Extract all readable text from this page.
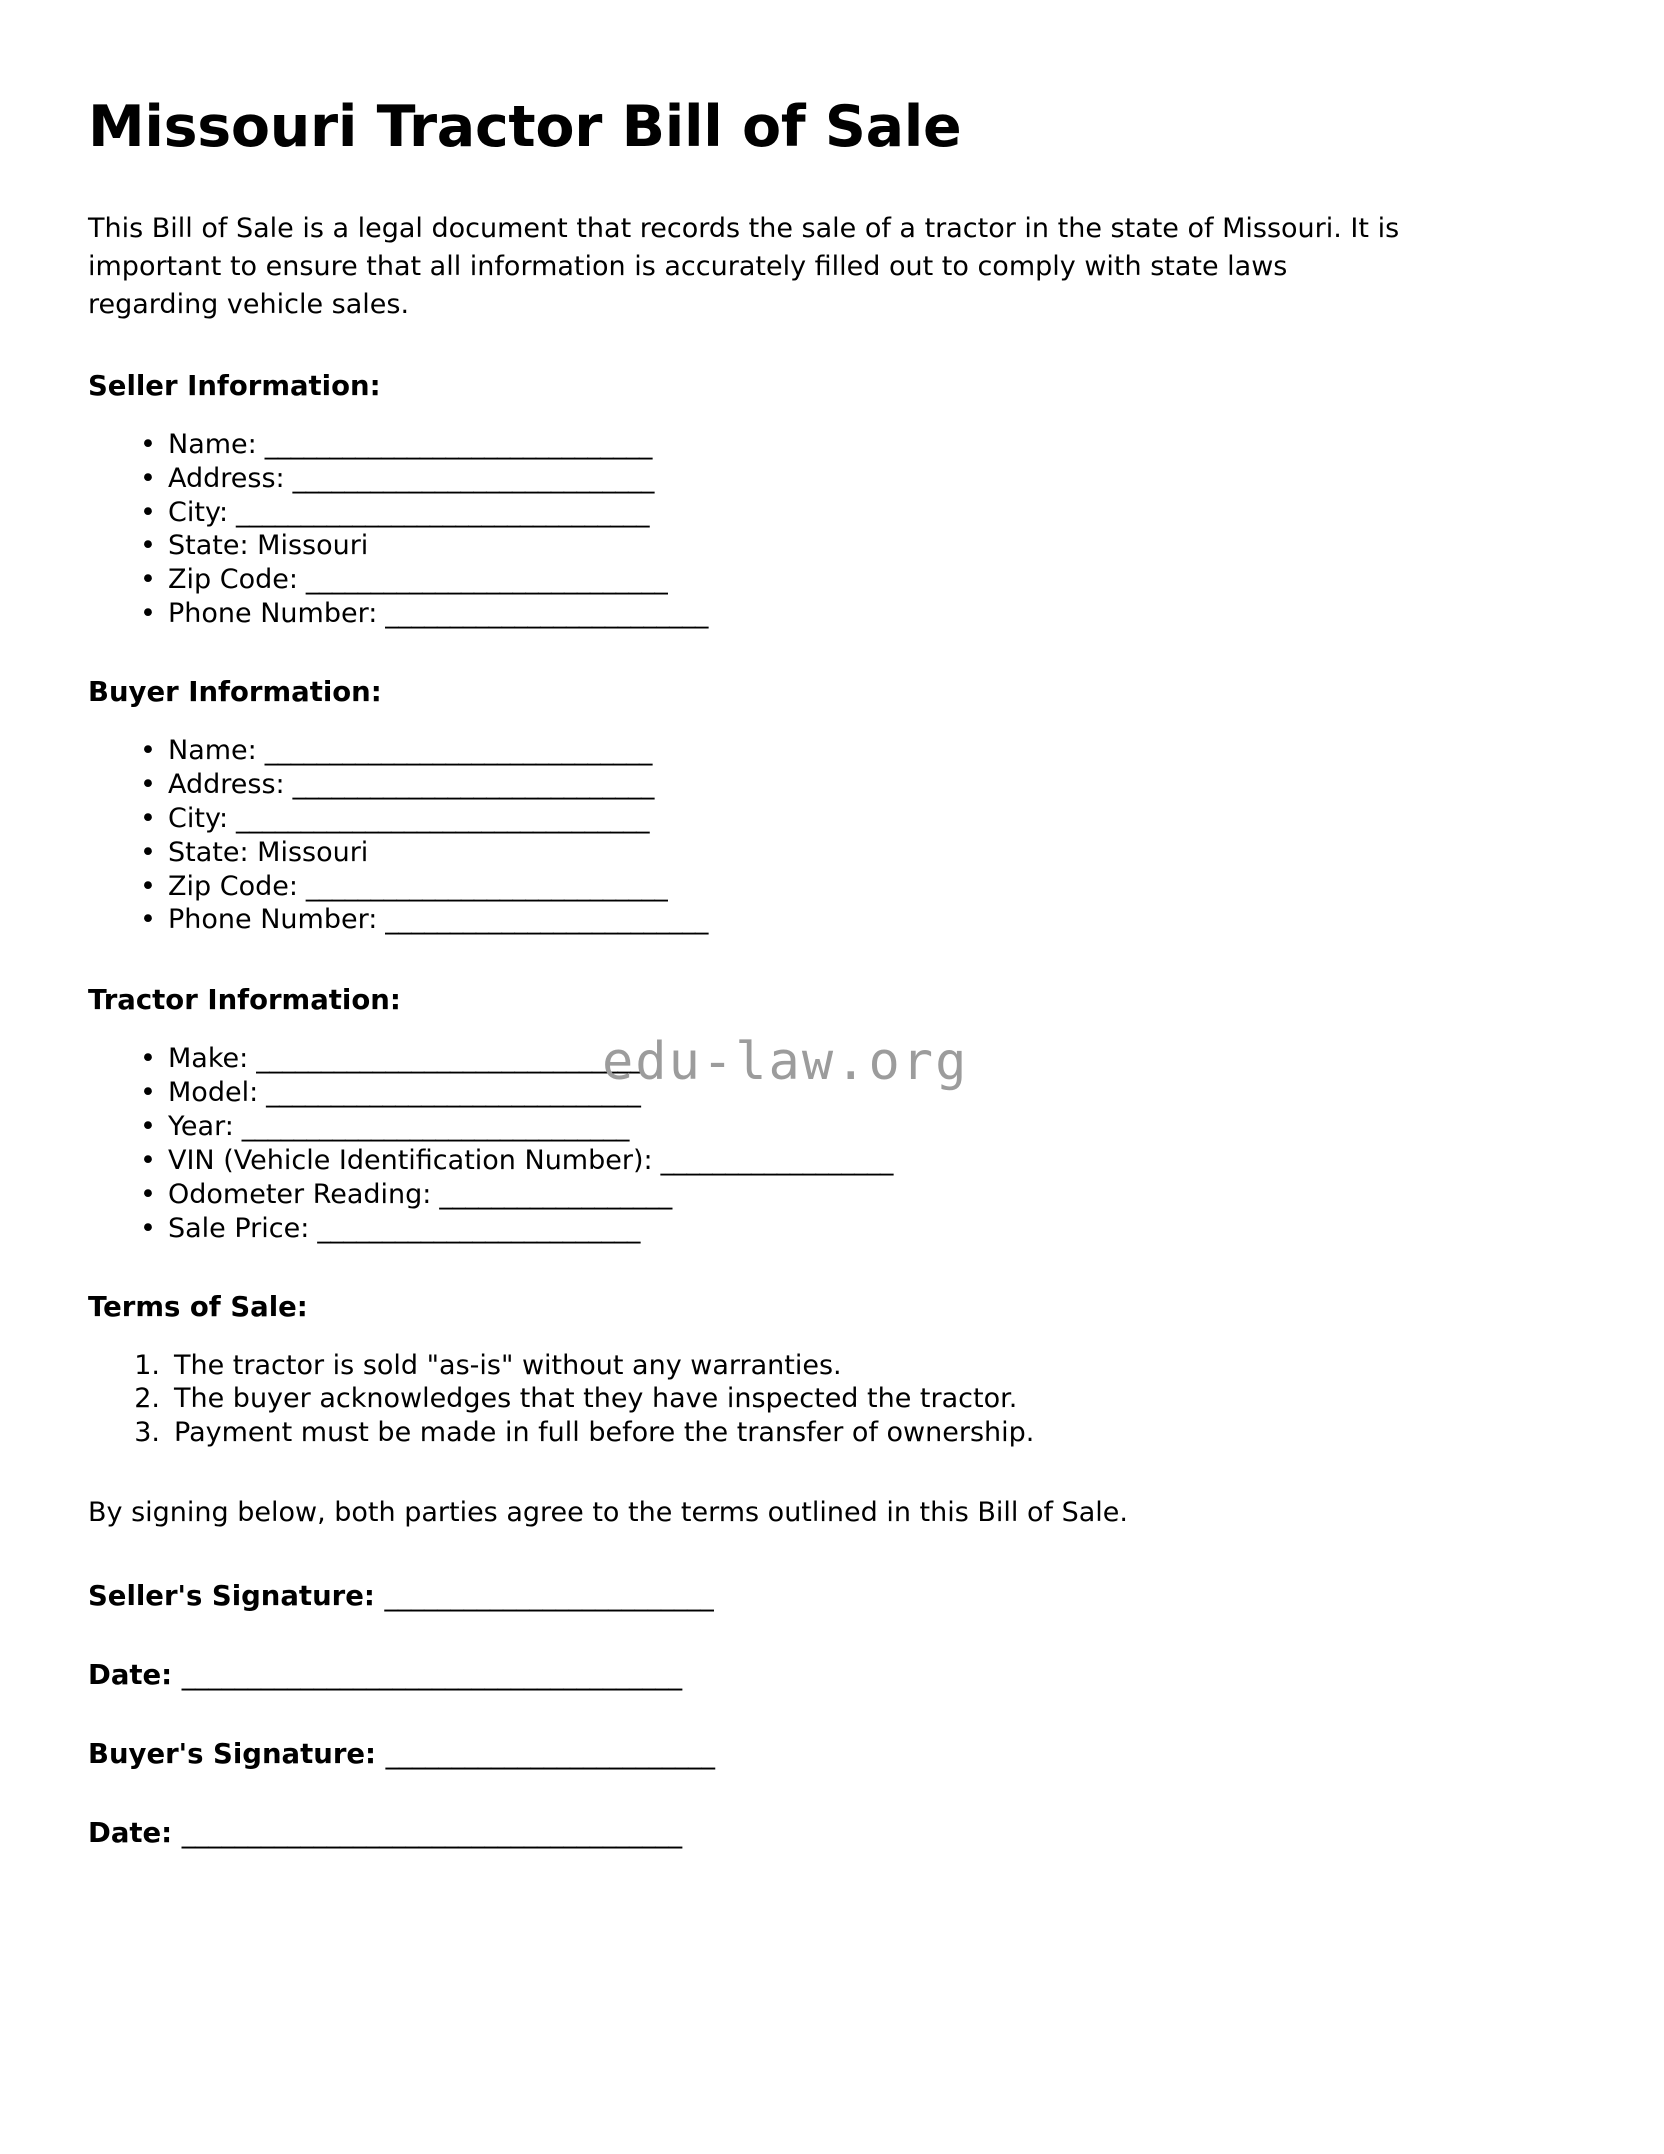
Missouri Tractor Bill of Sale

This Bill of Sale is a legal document that records the sale of a tractor in the state of Missouri. It is important to ensure that all information is accurately filled out to comply with state laws regarding vehicle sales.

Seller Information:
• Name: ______________________________
• Address: ____________________________
• City: ________________________________
• State: Missouri
• Zip Code: ____________________________
• Phone Number: _________________________
Buyer Information:
• Name: ______________________________
• Address: ____________________________
• City: ________________________________
• State: Missouri
• Zip Code: ____________________________
• Phone Number: _________________________
Tractor Information:
• Make: ______________________________
• Model: _____________________________
• Year: ______________________________
• VIN (Vehicle Identification Number): __________________
• Odometer Reading: __________________
• Sale Price: _________________________
Terms of Sale:
1. The tractor is sold "as-is" without any warranties.
2. The buyer acknowledges that they have inspected the tractor.
3. Payment must be made in full before the transfer of ownership.

By signing below, both parties agree to the terms outlined in this Bill of Sale.

Seller's Signature: _________________________
Date: ______________________________________
Buyer's Signature: _________________________
Date: ______________________________________
edu-law.org
